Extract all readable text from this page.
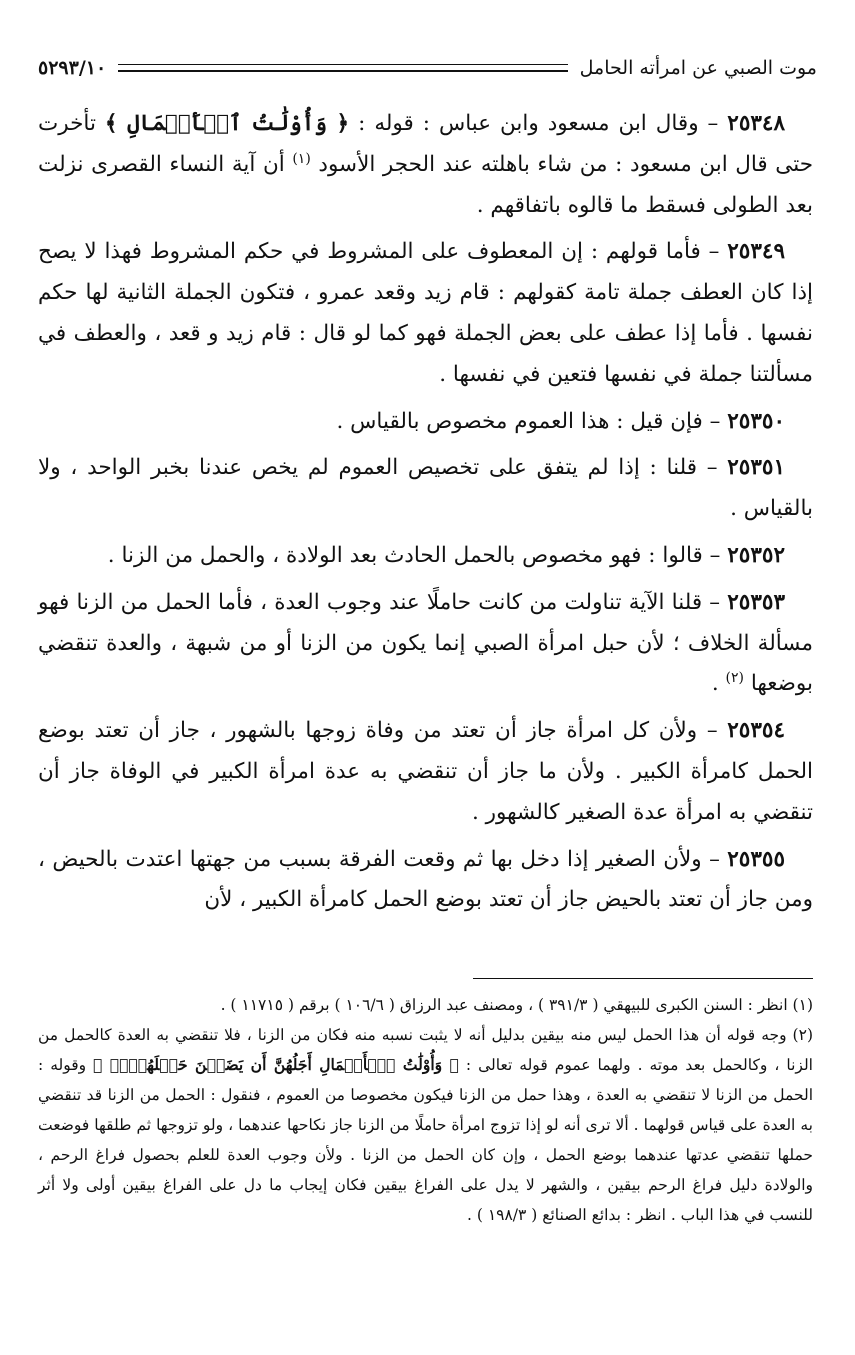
موت الصبي عن امرأته الحامل
٥٢٩٣/١٠

٢٥٣٤٨ – وقال ابن مسعود وابن عباس : قوله : ﴿ وَأُوْلَٰتُ ٱلۡأَحۡمَالِ ﴾ تأخرت حتى قال ابن مسعود : من شاء باهلته عند الحجر الأسود $^{(١)}$ أن آية النساء القصرى نزلت بعد الطولى فسقط ما قالوه باتفاقهم .

٢٥٣٤٩ – فأما قولهم : إن المعطوف على المشروط في حكم المشروط فهذا لا يصح إذا كان العطف جملة تامة كقولهم : قام زيد وقعد عمرو ، فتكون الجملة الثانية لها حكم نفسها . فأما إذا عطف على بعض الجملة فهو كما لو قال : قام زيد و قعد ، والعطف في مسألتنا جملة في نفسها فتعين في نفسها .

٢٥٣٥٠ – فإن قيل : هذا العموم مخصوص بالقياس .

٢٥٣٥١ – قلنا : إذا لم يتفق على تخصيص العموم لم يخص عندنا بخبر الواحد ، ولا بالقياس .

٢٥٣٥٢ – قالوا : فهو مخصوص بالحمل الحادث بعد الولادة ، والحمل من الزنا .

٢٥٣٥٣ – قلنا الآية تناولت من كانت حاملًا عند وجوب العدة ، فأما الحمل من الزنا فهو مسألة الخلاف ؛ لأن حبل امرأة الصبي إنما يكون من الزنا أو من شبهة ، والعدة تنقضي بوضعها $^{(٢)}$ .

٢٥٣٥٤ – ولأن كل امرأة جاز أن تعتد من وفاة زوجها بالشهور ، جاز أن تعتد بوضع الحمل كامرأة الكبير . ولأن ما جاز أن تنقضي به عدة امرأة الكبير في الوفاة جاز أن تنقضي به امرأة عدة الصغير كالشهور .

٢٥٣٥٥ – ولأن الصغير إذا دخل بها ثم وقعت الفرقة بسبب من جهتها اعتدت بالحيض ، ومن جاز أن تعتد بالحيض جاز أن تعتد بوضع الحمل كامرأة الكبير ، لأن

(١) انظر : السنن الكبرى للبيهقي ( ٣٩١/٣ ) ، ومصنف عبد الرزاق ( ١٠٦/٦ ) برقم ( ١١٧١٥ ) .

(٢) وجه قوله أن هذا الحمل ليس منه بيقين بدليل أنه لا يثبت نسبه منه فكان من الزنا ، فلا تنقضي به العدة كالحمل من الزنا ، وكالحمل بعد موته . ولهما عموم قوله تعالى : ﴿ وَأُوْلَٰتُ ٱلۡأَحۡمَالِ أَجَلُهُنَّ أَن يَضَعۡنَ حَمۡلَهُنَّۚ ﴾ وقوله : الحمل من الزنا لا تنقضي به العدة ، وهذا حمل من الزنا فيكون مخصوصا من العموم ، فنقول : الحمل من الزنا قد تنقضي به العدة على قياس قولهما . ألا ترى أنه لو إذا تزوج امرأة حاملًا من الزنا جاز نكاحها عندهما ، ولو تزوجها ثم طلقها فوضعت حملها تنقضي عدتها عندهما بوضع الحمل ، وإن كان الحمل من الزنا . ولأن وجوب العدة للعلم بحصول فراغ الرحم ، والولادة دليل فراغ الرحم بيقين ، والشهر لا يدل على الفراغ بيقين فكان إيجاب ما دل على الفراغ بيقين أولى ولا أثر للنسب في هذا الباب . انظر : بدائع الصنائع ( ١٩٨/٣ ) .
